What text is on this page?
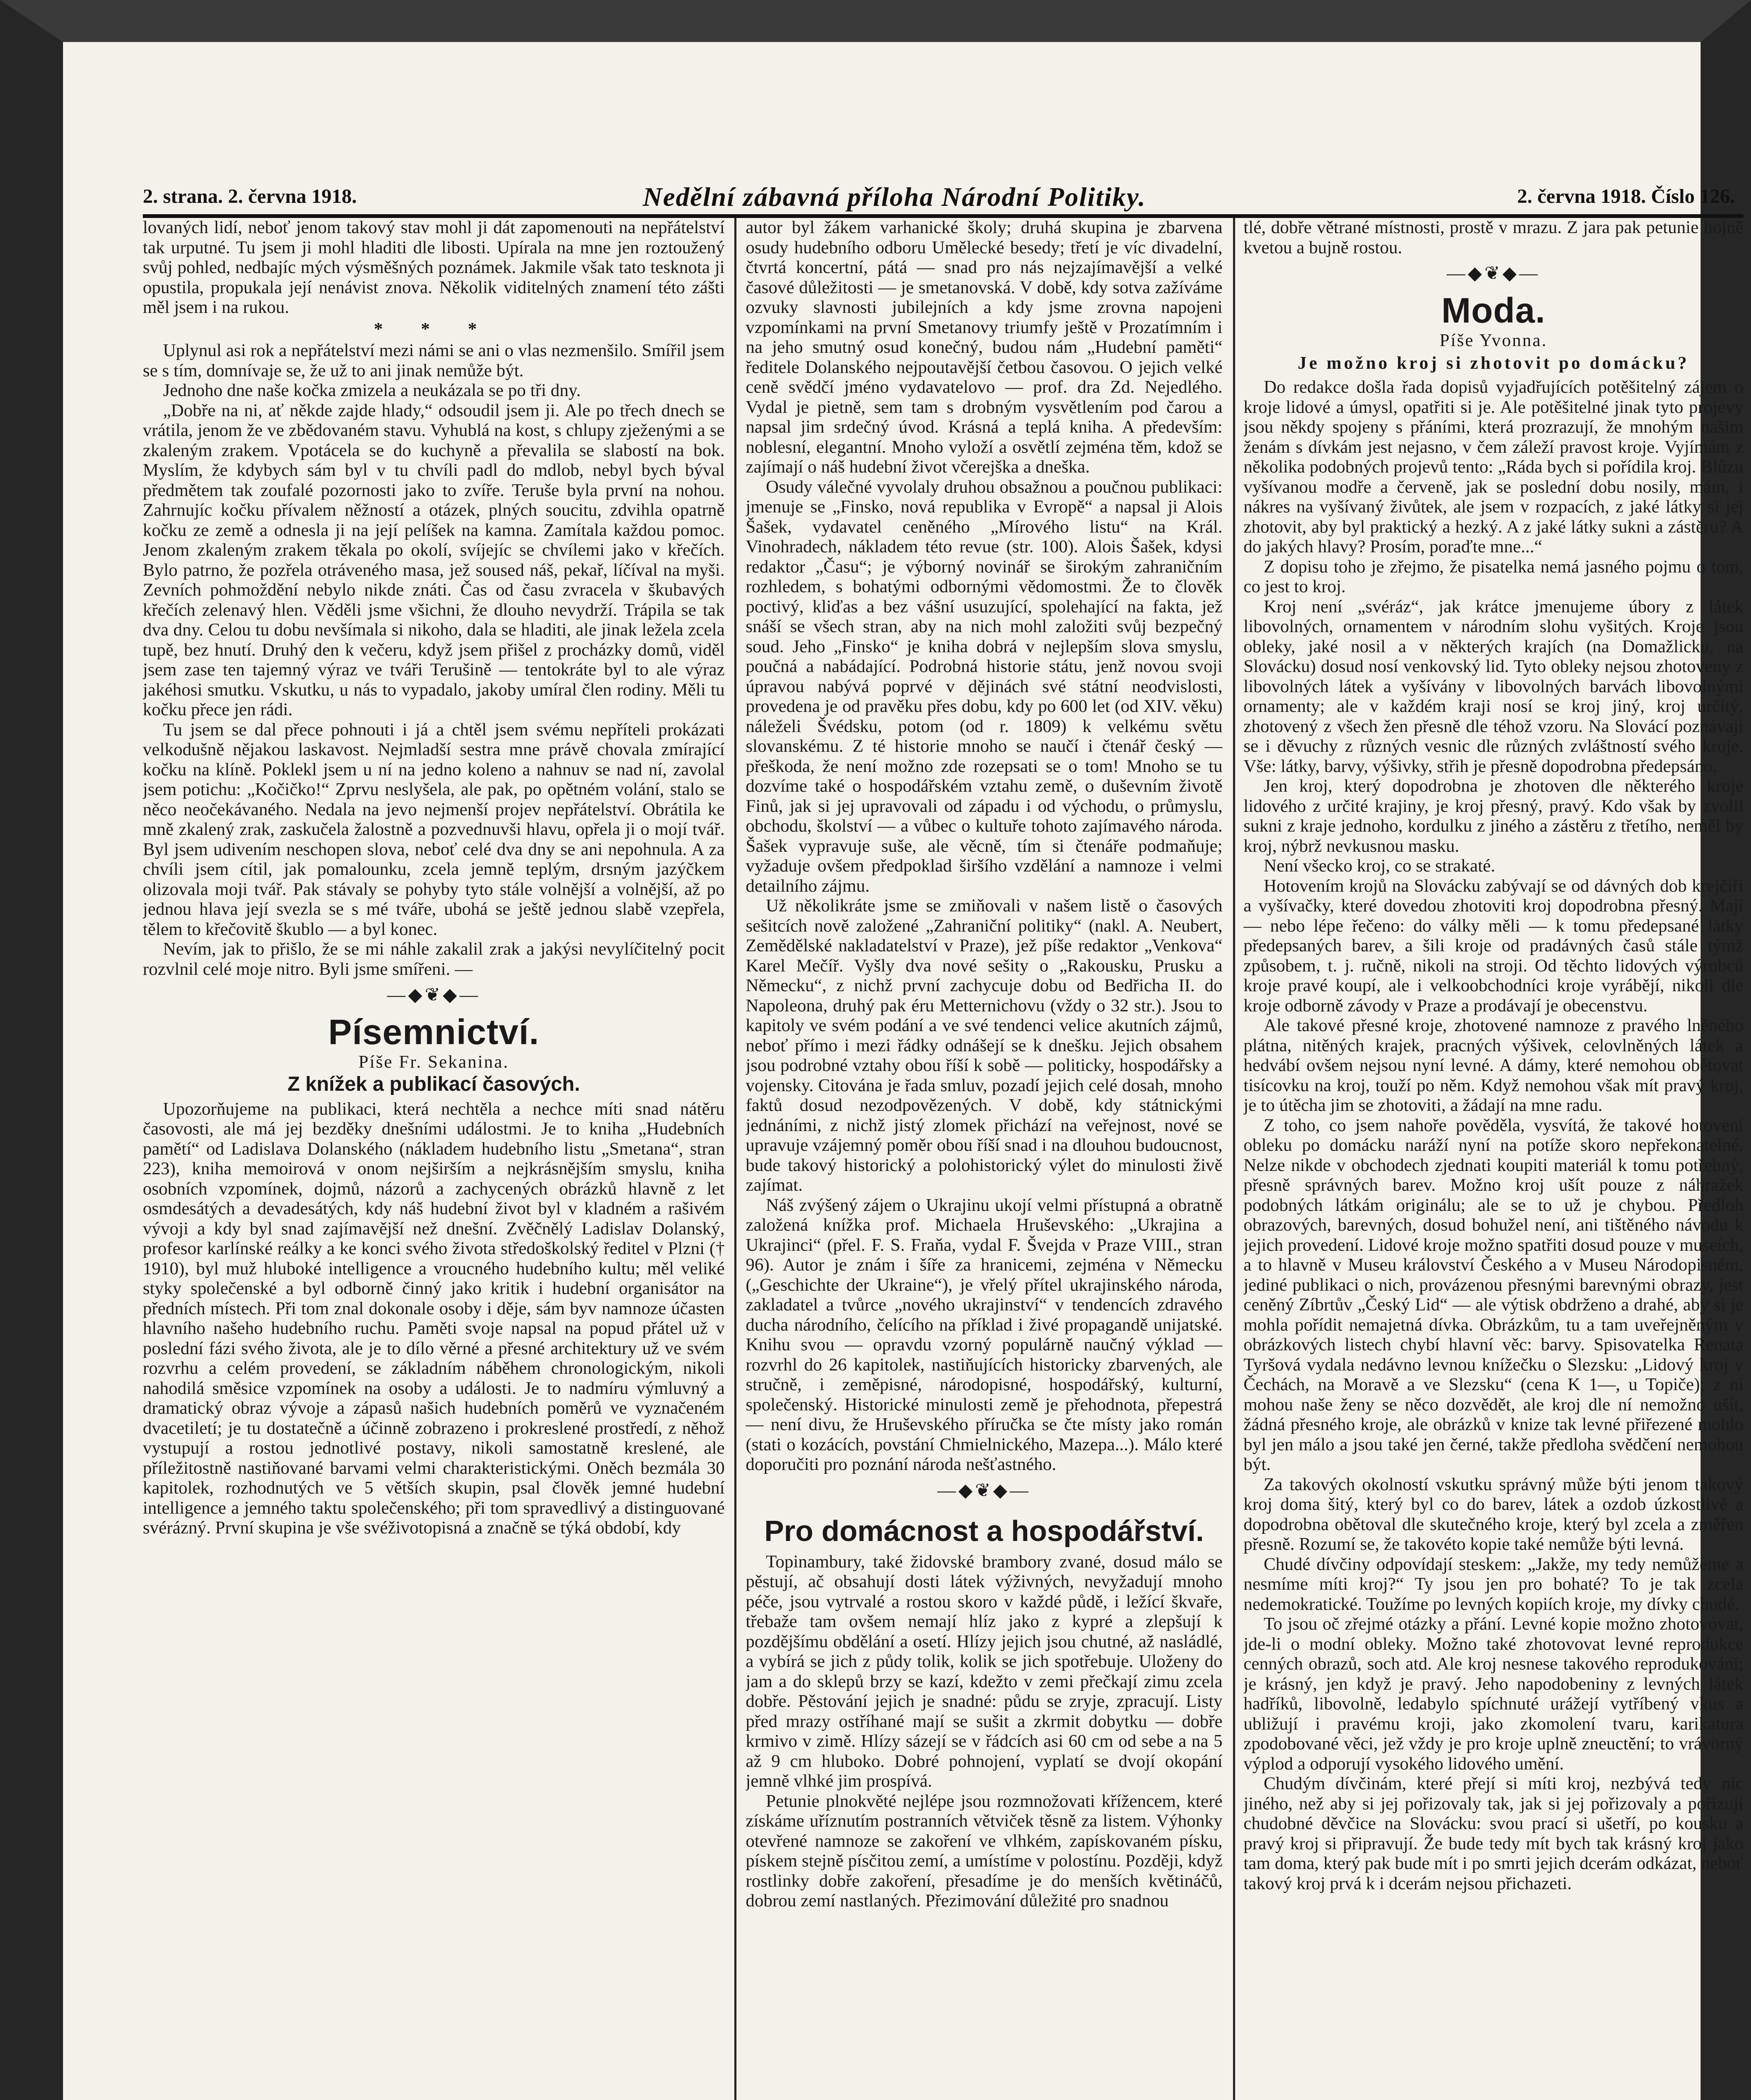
2. strana. 2. června 1918.	Nedělní zábavná příloha Národní Politiky.	2. června 1918. Číslo 126.

lovaných lidí, neboť jenom takový stav mohl ji dát zapomenouti na nepřátelství tak urputné. Tu jsem ji mohl hladiti dle libosti. Upírala na mne jen roztoužený svůj pohled, nedbajíc mých výsměšných poznámek. Jakmile však tato tesknota ji opustila, propukala její nenávist znova. Několik viditelných znamení této zášti měl jsem i na rukou.

* * *

Uplynul asi rok a nepřátelství mezi námi se ani o vlas nezmenšilo. Smířil jsem se s tím, domnívaje se, že už to ani jinak nemůže být.

Jednoho dne naše kočka zmizela a neukázala se po tři dny.

„Dobře na ni, ať někde zajde hlady,“ odsoudil jsem ji. Ale po třech dnech se vrátila, jenom že ve zbědovaném stavu. Vyhublá na kost, s chlupy zježenými a se zkaleným zrakem. Vpotácela se do kuchyně a převalila se slabostí na bok. Myslím, že kdybych sám byl v tu chvíli padl do mdlob, nebyl bych býval předmětem tak zoufalé pozornosti jako to zvíře. Teruše byla první na nohou. Zahrnujíc kočku přívalem něžností a otázek, plných soucitu, zdvihla opatrně kočku ze země a odnesla ji na její pelíšek na kamna. Zamítala každou pomoc. Jenom zkaleným zrakem těkala po okolí, svíjejíc se chvílemi jako v křečích. Bylo patrno, že pozřela otráveného masa, jež soused náš, pekař, líčíval na myši. Zevních pohmoždění nebylo nikde znáti. Čas od času zvracela v škubavých křečích zelenavý hlen. Věděli jsme všichni, že dlouho nevydrží. Trápila se tak dva dny. Celou tu dobu nevšímala si nikoho, dala se hladiti, ale jinak ležela zcela tupě, bez hnutí. Druhý den k večeru, když jsem přišel z procházky domů, viděl jsem zase ten tajemný výraz ve tváři Terušině — tentokráte byl to ale výraz jakéhosi smutku. Vskutku, u nás to vypadalo, jakoby umíral člen rodiny. Měli tu kočku přece jen rádi.

Tu jsem se dal přece pohnouti i já a chtěl jsem svému nepříteli prokázati velkodušně nějakou laskavost. Nejmladší sestra mne právě chovala zmírající kočku na klíně. Poklekl jsem u ní na jedno koleno a nahnuv se nad ní, zavolal jsem potichu: „Kočičko!“ Zprvu neslyšela, ale pak, po opětném volání, stalo se něco neočekávaného. Nedala na jevo nejmenší projev nepřátelství. Obrátila ke mně zkalený zrak, zaskučela žalostně a pozvednuvši hlavu, opřela ji o mojí tvář. Byl jsem udivením neschopen slova, neboť celé dva dny se ani nepohnula. A za chvíli jsem cítil, jak pomalounku, zcela jemně teplým, drsným jazýčkem olizovala moji tvář. Pak stávaly se pohyby tyto stále volnější a volnější, až po jednou hlava její svezla se s mé tváře, ubohá se ještě jednou slabě vzepřela, tělem to křečovitě škublo — a byl konec.

Nevím, jak to přišlo, že se mi náhle zakalil zrak a jakýsi nevylíčitelný pocit rozvlnil celé moje nitro. Byli jsme smířeni. —

—◆❦◆—
Písemnictví.
Píše Fr. Sekanina.
Z knížek a publikací časových.

Upozorňujeme na publikaci, která nechtěla a nechce míti snad nátěru časovosti, ale má jej bezděky dnešními událostmi. Je to kniha „Hudebních pamětí“ od Ladislava Dolanského (nákladem hudebního listu „Smetana“, stran 223), kniha memoirová v onom nejširším a nejkrásnějším smyslu, kniha osobních vzpomínek, dojmů, názorů a zachycených obrázků hlavně z let osmdesátých a devadesátých, kdy náš hudební život byl v kladném a rašivém vývoji a kdy byl snad zajímavější než dnešní. Zvěčnělý Ladislav Dolanský, profesor karlínské reálky a ke konci svého života středoškolský ředitel v Plzni († 1910), byl muž hluboké intelligence a vroucného hudebního kultu; měl veliké styky společenské a byl odborně činný jako kritik i hudební organisátor na předních místech. Při tom znal dokonale osoby i děje, sám byv namnoze účasten hlavního našeho hudebního ruchu. Paměti svoje napsal na popud přátel už v poslední fázi svého života, ale je to dílo věrné a přesné architektury už ve svém rozvrhu a celém provedení, se základním náběhem chronologickým, nikoli nahodilá směsice vzpomínek na osoby a události. Je to nadmíru výmluvný a dramatický obraz vývoje a zápasů našich hudebních poměrů ve vyznačeném dvacetiletí; je tu dostatečně a účinně zobrazeno i prokreslené prostředí, z něhož vystupují a rostou jednotlivé postavy, nikoli samostatně kreslené, ale příležitostně nastiňované barvami velmi charakteristickými. Oněch bezmála 30 kapitolek, rozhodnutých ve 5 větších skupin, psal člověk jemné hudební intelligence a jemného taktu společenského; při tom spravedlivý a distinguované svérázný. První skupina je vše svéživotopisná a značně se týká období, kdy

autor byl žákem varhanické školy; druhá skupina je zbarvena osudy hudebního odboru Umělecké besedy; třetí je víc divadelní, čtvrtá koncertní, pátá — snad pro nás nejzajímavější a velké časové důležitosti — je smetanovská. V době, kdy sotva zažíváme ozvuky slavnosti jubilejních a kdy jsme zrovna napojeni vzpomínkami na první Smetanovy triumfy ještě v Prozatímním i na jeho smutný osud konečný, budou nám „Hudební paměti“ ředitele Dolanského nejpoutavější četbou časovou. O jejich velké ceně svědčí jméno vydavatelovo — prof. dra Zd. Nejedlého. Vydal je pietně, sem tam s drobným vysvětlením pod čarou a napsal jim srdečný úvod. Krásná a teplá kniha. A především: noblesní, elegantní. Mnoho vyloží a osvětlí zejména těm, kdož se zajímají o náš hudební život včerejška a dneška.

Osudy válečné vyvolaly druhou obsažnou a poučnou publikaci: jmenuje se „Finsko, nová republika v Evropě“ a napsal ji Alois Šašek, vydavatel ceněného „Mírového listu“ na Král. Vinohradech, nákladem této revue (str. 100). Alois Šašek, kdysi redaktor „Času“; je výborný novinář se širokým zahraničním rozhledem, s bohatými odbornými vědomostmi. Že to člověk poctivý, kliďas a bez vášní usuzující, spolehající na fakta, jež snáší se všech stran, aby na nich mohl založiti svůj bezpečný soud. Jeho „Finsko“ je kniha dobrá v nejlepším slova smyslu, poučná a nabádající. Podrobná historie státu, jenž novou svoji úpravou nabývá poprvé v dějinách své státní neodvislosti, provedena je od pravěku přes dobu, kdy po 600 let (od XIV. věku) náleželi Švédsku, potom (od r. 1809) k velkému světu slovanskému. Z té historie mnoho se naučí i čtenář český — přeškoda, že není možno zde rozepsati se o tom! Mnoho se tu dozvíme také o hospodářském vztahu země, o duševním životě Finů, jak si jej upravovali od západu i od východu, o průmyslu, obchodu, školství — a vůbec o kultuře tohoto zajímavého národa. Šašek vypravuje suše, ale věcně, tím si čtenáře podmaňuje; vyžaduje ovšem předpoklad širšího vzdělání a namnoze i velmi detailního zájmu.

Už několikráte jsme se zmiňovali v našem listě o časových sešitcích nově založené „Zahraniční politiky“ (nakl. A. Neubert, Zemědělské nakladatelství v Praze), jež píše redaktor „Venkova“ Karel Mečíř. Vyšly dva nové sešity o „Rakousku, Prusku a Německu“, z nichž první zachycuje dobu od Bedřicha II. do Napoleona, druhý pak éru Metternichovu (vždy o 32 str.). Jsou to kapitoly ve svém podání a ve své tendenci velice akutních zájmů, neboť přímo i mezi řádky odnášejí se k dnešku. Jejich obsahem jsou podrobné vztahy obou říší k sobě — politicky, hospodářsky a vojensky. Citována je řada smluv, pozadí jejich celé dosah, mnoho faktů dosud nezodpovězených. V době, kdy státnickými jednáními, z nichž jistý zlomek přichází na veřejnost, nové se upravuje vzájemný poměr obou říší snad i na dlouhou budoucnost, bude takový historický a polohistorický výlet do minulosti živě zajímat.

Náš zvýšený zájem o Ukrajinu ukojí velmi přístupná a obratně založená knížka prof. Michaela Hruševského: „Ukrajina a Ukrajinci“ (přel. F. S. Fraňa, vydal F. Švejda v Praze VIII., stran 96). Autor je znám i šíře za hranicemi, zejména v Německu („Geschichte der Ukraine“), je vřelý přítel ukrajinského národa, zakladatel a tvůrce „nového ukrajinství“ v tendencích zdravého ducha národního, čelícího na příklad i živé propagandě unijatské. Knihu svou — opravdu vzorný populárně naučný výklad — rozvrhl do 26 kapitolek, nastiňujících historicky zbarvených, ale stručně, i zeměpisné, národopisné, hospodářský, kulturní, společenský. Historické minulosti země je přehodnota, přepestrá — není divu, že Hruševského příručka se čte místy jako román (stati o kozácích, povstání Chmielnického, Mazepa...). Málo které doporučiti pro poznání národa nešťastného.

—◆❦◆—
Pro domácnost a hospodářství.

Topinambury, také židovské brambory zvané, dosud málo se pěstují, ač obsahují dosti látek výživných, nevyžadují mnoho péče, jsou vytrvalé a rostou skoro v každé půdě, i ležící škvaře, třebaže tam ovšem nemají hlíz jako z kypré a zlepšují k pozdějšímu obdělání a osetí. Hlízy jejich jsou chutné, až nasládlé, a vybírá se jich z půdy tolik, kolik se jich spotřebuje. Uloženy do jam a do sklepů brzy se kazí, kdežto v zemi přečkají zimu zcela dobře. Pěstování jejich je snadné: půdu se zryje, zpracují. Listy před mrazy ostříhané mají se sušit a zkrmit dobytku — dobře krmivo v zimě. Hlízy sázejí se v řádcích asi 60 cm od sebe a na 5 až 9 cm hluboko. Dobré pohnojení, vyplatí se dvojí okopání jemně vlhké jim prospívá.

Petunie plnokvěté nejlépe jsou rozmnožovati křížencem, které získáme uříznutím postranních větviček těsně za listem. Výhonky otevřené namnoze se zakoření ve vlhkém, zapískovaném písku, pískem stejně písčitou zemí, a umístíme v polostínu. Později, když rostlinky dobře zakoření, přesadíme je do menších květináčů, dobrou zemí nastlaných. Přezimování důležité pro snadnou

tlé, dobře větrané místnosti, prostě v mrazu. Z jara pak petunie hojně kvetou a bujně rostou.

—◆❦◆—
Moda.
Píše Yvonna.
Je možno kroj si zhotovit po domácku?

Do redakce došla řada dopisů vyjadřujících potěšitelný zájem o kroje lidové a úmysl, opatřiti si je. Ale potěšitelné jinak tyto projevy jsou někdy spojeny s přáními, která prozrazují, že mnohým našim ženám s dívkám jest nejasno, v čem záleží pravost kroje. Vyjímám z několika podobných projevů tento: „Ráda bych si pořídila kroj. Blůzu vyšívanou modře a červeně, jak se poslední dobu nosily, mám, i nákres na vyšívaný živůtek, ale jsem v rozpacích, z jaké látky si jej zhotovit, aby byl praktický a hezký. A z jaké látky sukni a zástěru? A do jakých hlavy? Prosím, poraďte mne...“

Z dopisu toho je zřejmo, že pisatelka nemá jasného pojmu o tom, co jest to kroj.

Kroj není „svéráz“, jak krátce jmenujeme úbory z látek libovolných, ornamentem v národním slohu vyšitých. Kroje jsou obleky, jaké nosil a v některých krajích (na Domažlicku, na Slovácku) dosud nosí venkovský lid. Tyto obleky nejsou zhotoveny z libovolných látek a vyšívány v libovolných barvách libovolnými ornamenty; ale v každém kraji nosí se kroj jiný, kroj určitý, zhotovený z všech žen přesně dle téhož vzoru. Na Slovácí poznávají se i děvuchy z různých vesnic dle různých zvláštností svého kroje. Vše: látky, barvy, výšivky, střih je přesně dopodrobna předepsáno.

Jen kroj, který dopodrobna je zhotoven dle některého kroje lidového z určité krajiny, je kroj přesný, pravý. Kdo však by zvolil sukni z kraje jednoho, kordulku z jiného a zástěru z třetího, neměl by kroj, nýbrž nevkusnou masku.

Není všecko kroj, co se strakaté.

Hotovením krojů na Slovácku zabývají se od dávných dob krejčíři a vyšívačky, které dovedou zhotoviti kroj dopodrobna přesný. Mají — nebo lépe řečeno: do války měli — k tomu předepsané látky předepsaných barev, a šili kroje od pradávných časů stále týmž způsobem, t. j. ručně, nikoli na stroji. Od těchto lidových výrobců kroje pravé koupí, ale i velkoobchodníci kroje vyrábějí, nikoli dle kroje odborně závody v Praze a prodávají je obecenstvu.

Ale takové přesné kroje, zhotovené namnoze z pravého lněného plátna, nitěných krajek, pracných výšivek, celovlněných látek a hedvábí ovšem nejsou nyní levné. A dámy, které nemohou obětovat tisícovku na kroj, touží po něm. Když nemohou však mít pravý kroj, je to útěcha jim se zhotoviti, a žádají na mne radu.

Z toho, co jsem nahoře pověděla, vysvítá, že takové hotovení obleku po domácku naráží nyní na potíže skoro nepřekonatelné. Nelze nikde v obchodech zjednati koupiti materiál k tomu potřebný, přesně správných barev. Možno kroj ušít pouze z náhražek podobných látkám originálu; ale se to už je chybou. Předloh obrazových, barevných, dosud bohužel není, ani tištěného návodu k jejich provedení. Lidové kroje možno spatřiti dosud pouze v museích, a to hlavně v Museu království Českého a v Museu Národopisném, jediné publikaci o nich, provázenou přesnými barevnými obrazy, jest ceněný Zíbrtův „Český Lid“ — ale výtisk obdrženo a drahé, aby si je mohla pořídit nemajetná dívka. Obrázkům, tu a tam uveřejněným v obrázkových listech chybí hlavní věc: barvy. Spisovatelka Renata Tyršová vydala nedávno levnou knížečku o Slezsku: „Lidový kroj v Čechách, na Moravě a ve Slezsku“ (cena K 1—, u Topiče); z ní mohou naše ženy se něco dozvědět, ale kroj dle ní nemožno ušít, žádná přesného kroje, ale obrázků v knize tak levné přiřezené mohlo byl jen málo a jsou také jen černé, takže předloha svědčení nemohou být.

Za takových okolností vskutku správný může býti jenom takový kroj doma šitý, který byl co do barev, látek a ozdob úzkostlivě a dopodrobna obětoval dle skutečného kroje, který byl zcela a změřen přesně. Rozumí se, že takovéto kopie také nemůže býti levná.

Chudé dívčiny odpovídají steskem: „Jakže, my tedy nemůžeme a nesmíme míti kroj?“ Ty jsou jen pro bohaté? To je tak zcela nedemokratické. Toužíme po levných kopiích kroje, my dívky chudé.

To jsou oč zřejmé otázky a přání. Levné kopie možno zhotovovat, jde-li o modní obleky. Možno také zhotovovat levné reprodukce cenných obrazů, soch atd. Ale kroj nesnese takového reprodukování; je krásný, jen když je pravý. Jeho napodobeniny z levných látek hadříků, libovolně, ledabylo spíchnuté urážejí vytříbený vkus a ubližují i pravému kroji, jako zkomolení tvaru, karikatura zpodobované věci, jež vždy je pro kroje uplně zneuctění; to vrávorný výplod a odporují vysokého lidového umění.

Chudým dívčinám, které přejí si míti kroj, nezbývá tedy nic jiného, než aby si jej pořizovaly tak, jak si jej pořizovaly a pořizují chudobné děvčice na Slovácku: svou prací si ušetří, po kousku a pravý kroj si připravují. Že bude tedy mít bych tak krásný kroj jako tam doma, který pak bude mít i po smrti jejich dcerám odkázat, neboť takový kroj prvá k i dcerám nejsou přichazeti.
